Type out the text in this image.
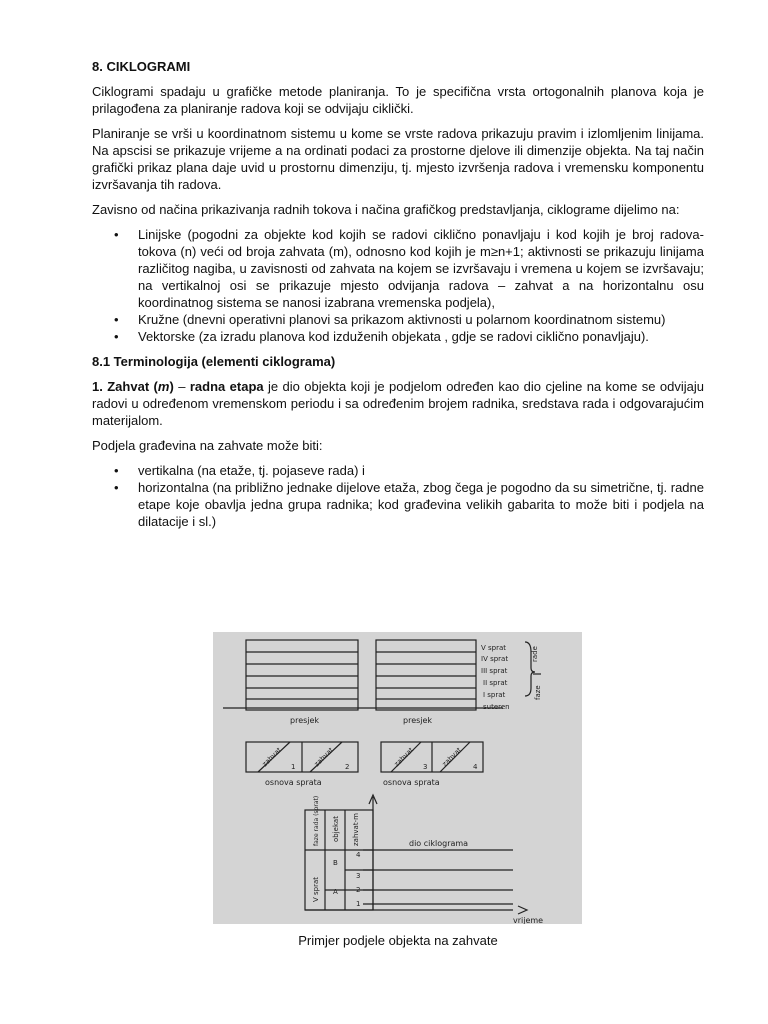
8. CIKLOGRAMI

Ciklogrami spadaju u grafičke metode planiranja. To je specifična vrsta ortogonalnih planova koja je prilagođena za planiranje radova koji se odvijaju ciklički.

Planiranje se vrši u koordinatnom sistemu u kome se vrste radova prikazuju pravim i izlomljenim linijama. Na apscisi se prikazuje vrijeme a na ordinati podaci za prostorne djelove ili dimenzije objekta. Na taj način grafički prikaz plana daje uvid u prostornu dimenziju, tj. mjesto izvršenja radova i vremensku komponentu izvršavanja tih radova.

Zavisno od načina prikazivanja radnih tokova i načina grafičkog predstavljanja, ciklograme dijelimo na:

• Linijske (pogodni za objekte kod kojih se radovi ciklično ponavljaju i kod kojih je broj radova-tokova (n) veći od broja zahvata (m), odnosno kod kojih je m≥n+1; aktivnosti se prikazuju linijama različitog nagiba, u zavisnosti od zahvata na kojem se izvršavaju i vremena u kojem se izvršavaju; na vertikalnoj osi se prikazuje mjesto odvijanja radova – zahvat a na horizontalnu osu koordinatnog sistema se nanosi izabrana vremenska podjela),
• Kružne (dnevni operativni planovi sa prikazom aktivnosti u polarnom koordinatnom sistemu)
• Vektorske (za izradu planova kod izduženih objekata , gdje se radovi ciklično ponavljaju).
8.1 Terminologija (elementi ciklograma)

1. Zahvat (m) – radna etapa je dio objekta koji je podjelom određen kao dio cjeline na kome se odvijaju radovi u određenom vremenskom periodu i sa određenim brojem radnika, sredstava rada i odgovarajućim materijalom.

Podjela građevina na zahvate može biti:

• vertikalna (na etaže, tj. pojaseve rada) i
• horizontalna (na približno jednake dijelove etaža, zbog čega je pogodno da su simetrične, tj. radne etape koje obavlja jedna grupa radnika; kod građevina velikih gabarita to može biti i podjela na dilatacije i sl.)
V sprat
IV sprat
III sprat
II sprat
I sprat
suteren
rade
faze
presjek	presjek
zahvat	zahvat	zahvat	zahvat
1	2	3	4
osnova sprata	osnova sprata
faze rada (sprat) objekat zahvat-m	dio ciklograma
V sprat
B
A
4
3
2
1
vrijeme
Primjer podjele objekta na zahvate
